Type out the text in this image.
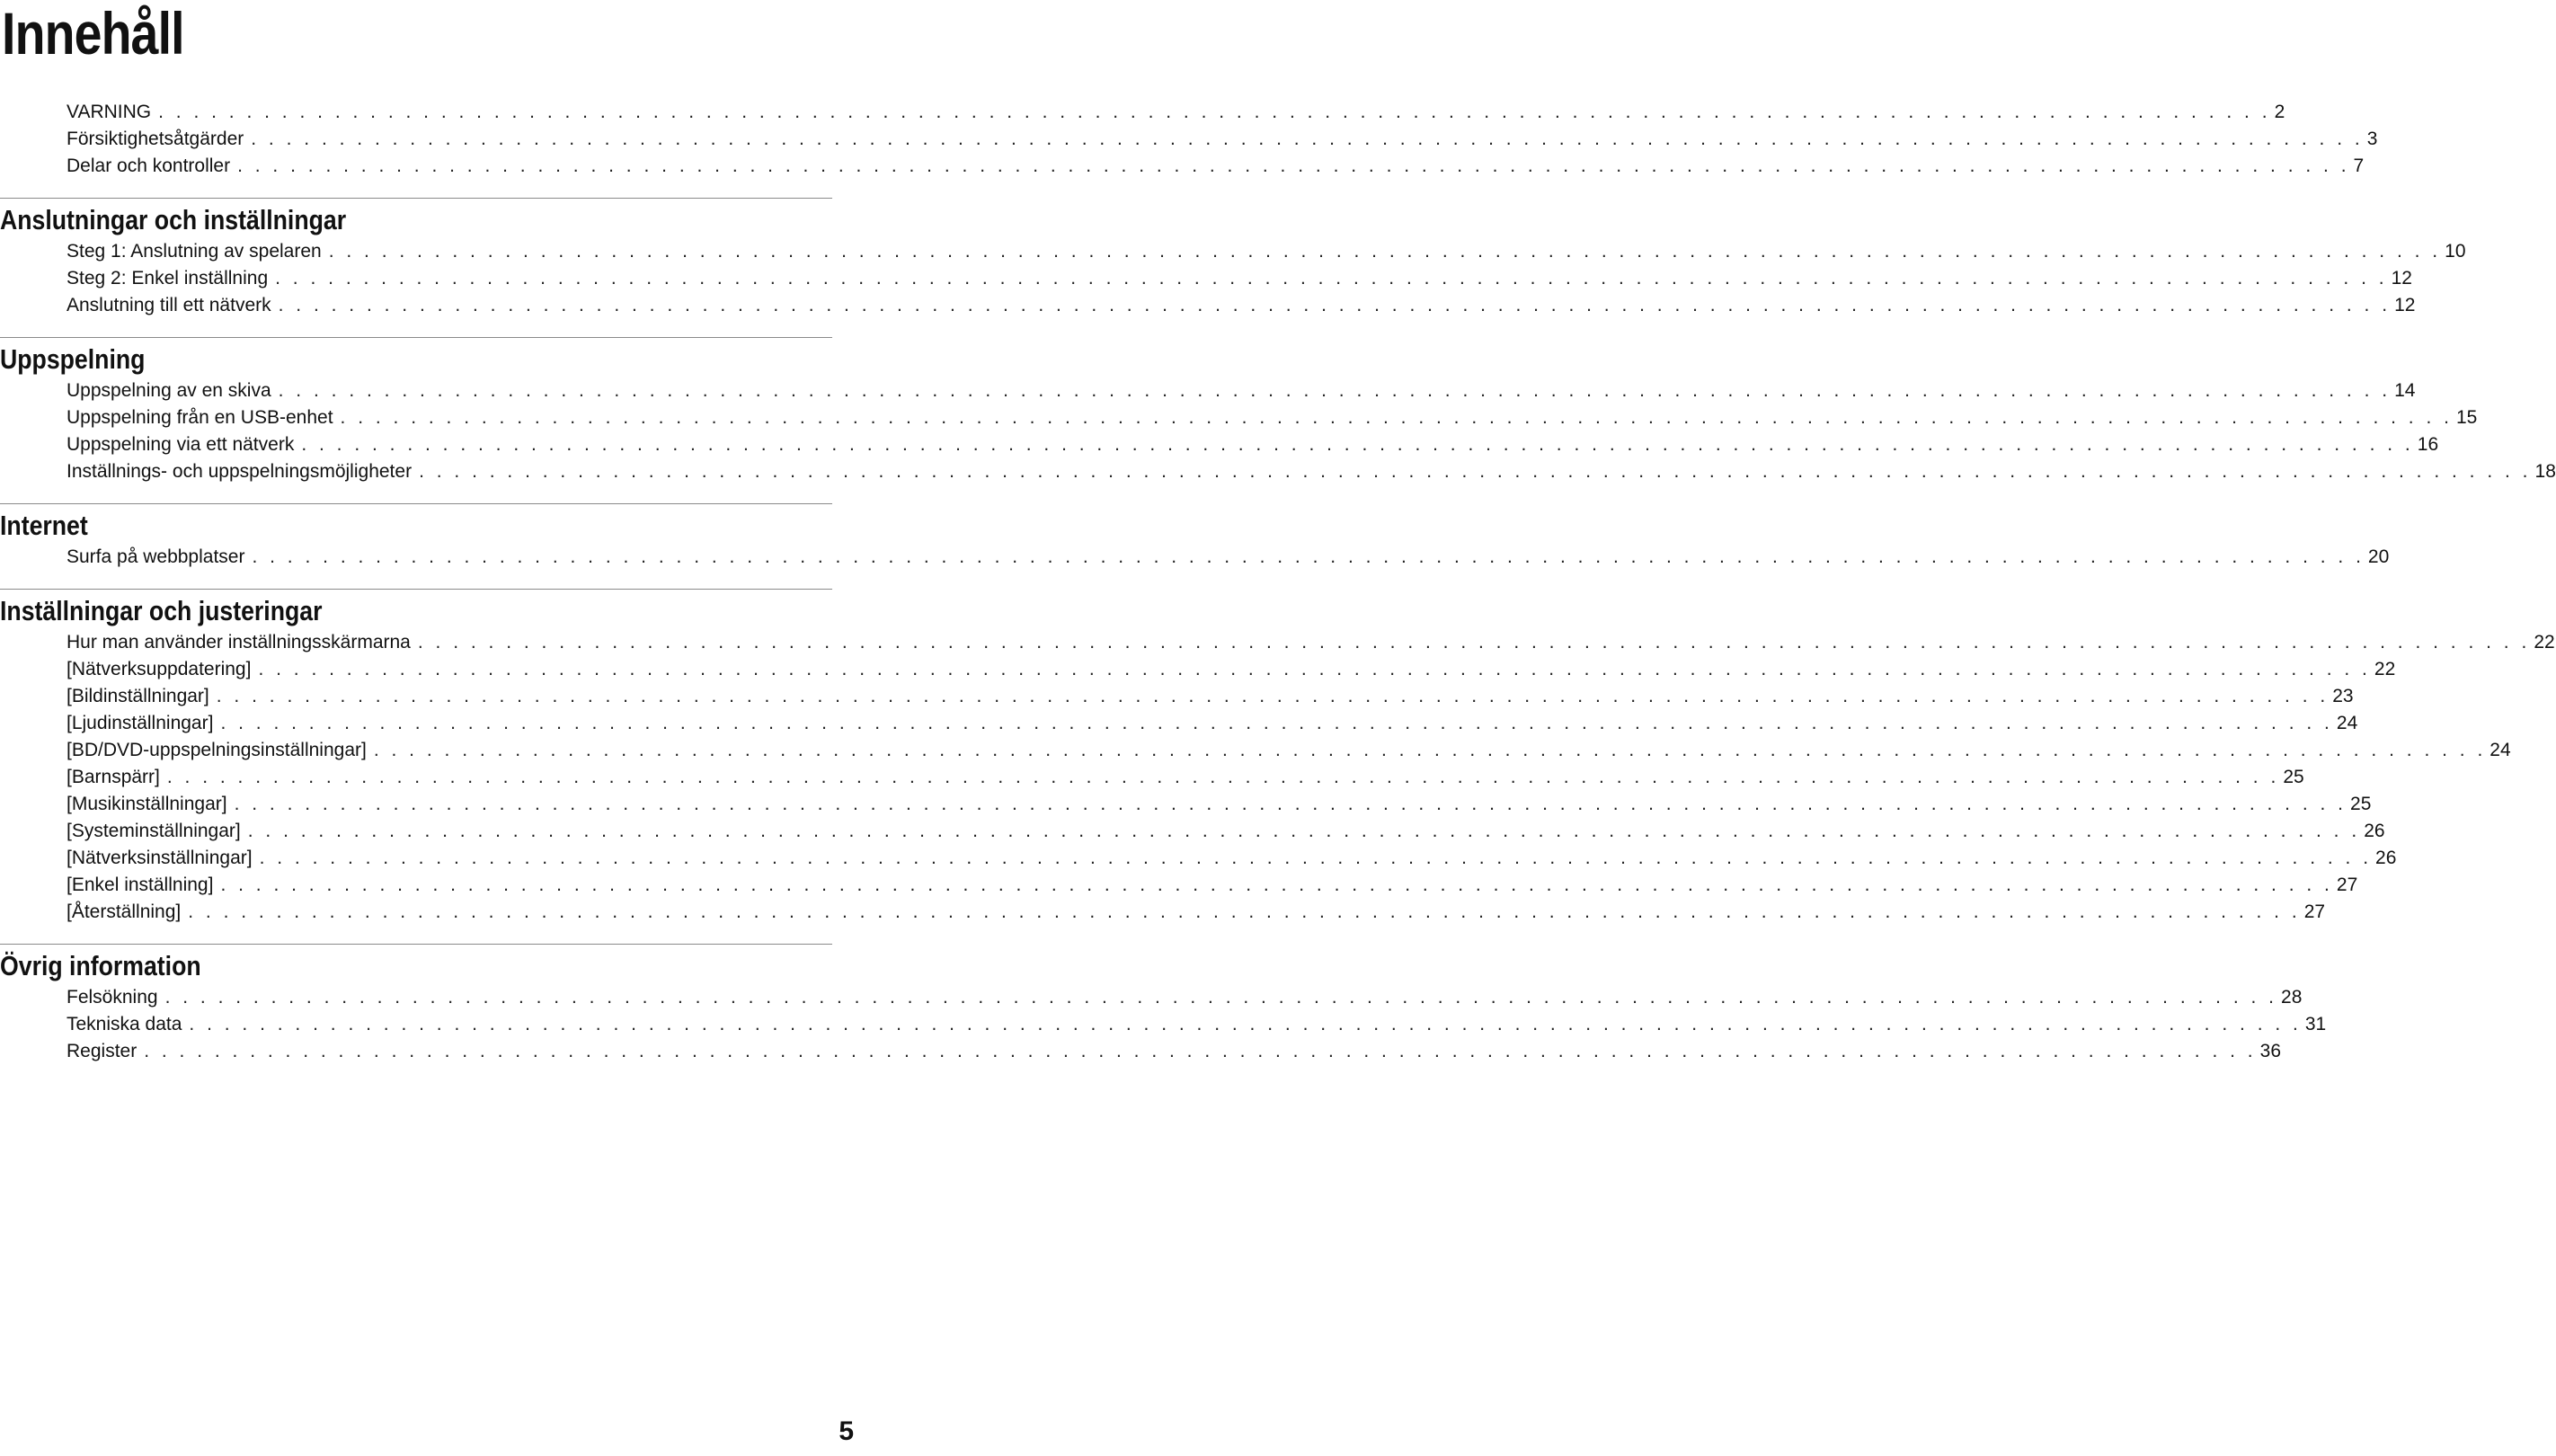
Innehåll
VARNING . . . . . . . . . . . . . . . . . . . . . . . . . . . . . . . . . . . . . . . . . . . . . . . . . . . . . . . . . . . . . . . . . . . . . . . . . . . . . . . . . . . . . . . . . . . . . . . . . . . . . . . . . . . . . . . . . . . . . . . . 2
Försiktighetsåtgärder . . . . . . . . . . . . . . . . . . . . . . . . . . . . . . . . . . . . . . . . . . . . . . . . . . . . . . . . . . . . . . . . . . . . . . . . . . . . . . . . . . . . . . . . . . . . . . . . . . . . . . . . . . . . . . . . . . . . . . . . 3
Delar och kontroller . . . . . . . . . . . . . . . . . . . . . . . . . . . . . . . . . . . . . . . . . . . . . . . . . . . . . . . . . . . . . . . . . . . . . . . . . . . . . . . . . . . . . . . . . . . . . . . . . . . . . . . . . . . . . . . . . . . . . . . . 7
Anslutningar och inställningar
Steg 1: Anslutning av spelaren . . . . . . . . . . . . . . . . . . . . . . . . . . . . . . . . . . . . . . . . . . . . . . . . . . . . . . . . . . . . . . . . . . . . . . . . . . . . . . . . . . . . . . . . . . . . . . . . . . . . . . . . . . . . . . . . . . . . . . . . 10
Steg 2: Enkel inställning . . . . . . . . . . . . . . . . . . . . . . . . . . . . . . . . . . . . . . . . . . . . . . . . . . . . . . . . . . . . . . . . . . . . . . . . . . . . . . . . . . . . . . . . . . . . . . . . . . . . . . . . . . . . . . . . . . . . . . . . 12
Anslutning till ett nätverk . . . . . . . . . . . . . . . . . . . . . . . . . . . . . . . . . . . . . . . . . . . . . . . . . . . . . . . . . . . . . . . . . . . . . . . . . . . . . . . . . . . . . . . . . . . . . . . . . . . . . . . . . . . . . . . . . . . . . . . . 12
Uppspelning
Uppspelning av en skiva . . . . . . . . . . . . . . . . . . . . . . . . . . . . . . . . . . . . . . . . . . . . . . . . . . . . . . . . . . . . . . . . . . . . . . . . . . . . . . . . . . . . . . . . . . . . . . . . . . . . . . . . . . . . . . . . . . . . . . . . 14
Uppspelning från en USB-enhet . . . . . . . . . . . . . . . . . . . . . . . . . . . . . . . . . . . . . . . . . . . . . . . . . . . . . . . . . . . . . . . . . . . . . . . . . . . . . . . . . . . . . . . . . . . . . . . . . . . . . . . . . . . . . . . . . . . . . . . . 15
Uppspelning via ett nätverk . . . . . . . . . . . . . . . . . . . . . . . . . . . . . . . . . . . . . . . . . . . . . . . . . . . . . . . . . . . . . . . . . . . . . . . . . . . . . . . . . . . . . . . . . . . . . . . . . . . . . . . . . . . . . . . . . . . . . . . . 16
Inställnings- och uppspelningsmöjligheter . . . . . . . . . . . . . . . . . . . . . . . . . . . . . . . . . . . . . . . . . . . . . . . . . . . . . . . . . . . . . . . . . . . . . . . . . . . . . . . . . . . . . . . . . . . . . . . . . . . . . . . . . . . . . . . . . . . . . . . . 18
Internet
Surfa på webbplatser . . . . . . . . . . . . . . . . . . . . . . . . . . . . . . . . . . . . . . . . . . . . . . . . . . . . . . . . . . . . . . . . . . . . . . . . . . . . . . . . . . . . . . . . . . . . . . . . . . . . . . . . . . . . . . . . . . . . . . . . 20
Inställningar och justeringar
Hur man använder inställningsskärmarna . . . . . . . . . . . . . . . . . . . . . . . . . . . . . . . . . . . . . . . . . . . . . . . . . . . . . . . . . . . . . . . . . . . . . . . . . . . . . . . . . . . . . . . . . . . . . . . . . . . . . . . . . . . . . . . . . . . . . . . . 22
[Nätverksuppdatering] . . . . . . . . . . . . . . . . . . . . . . . . . . . . . . . . . . . . . . . . . . . . . . . . . . . . . . . . . . . . . . . . . . . . . . . . . . . . . . . . . . . . . . . . . . . . . . . . . . . . . . . . . . . . . . . . . . . . . . . . 22
[Bildinställningar] . . . . . . . . . . . . . . . . . . . . . . . . . . . . . . . . . . . . . . . . . . . . . . . . . . . . . . . . . . . . . . . . . . . . . . . . . . . . . . . . . . . . . . . . . . . . . . . . . . . . . . . . . . . . . . . . . . . . . . . . 23
[Ljudinställningar] . . . . . . . . . . . . . . . . . . . . . . . . . . . . . . . . . . . . . . . . . . . . . . . . . . . . . . . . . . . . . . . . . . . . . . . . . . . . . . . . . . . . . . . . . . . . . . . . . . . . . . . . . . . . . . . . . . . . . . . . 24
[BD/DVD-uppspelningsinställningar] . . . . . . . . . . . . . . . . . . . . . . . . . . . . . . . . . . . . . . . . . . . . . . . . . . . . . . . . . . . . . . . . . . . . . . . . . . . . . . . . . . . . . . . . . . . . . . . . . . . . . . . . . . . . . . . . . . . . . . . . 24
[Barnspärr] . . . . . . . . . . . . . . . . . . . . . . . . . . . . . . . . . . . . . . . . . . . . . . . . . . . . . . . . . . . . . . . . . . . . . . . . . . . . . . . . . . . . . . . . . . . . . . . . . . . . . . . . . . . . . . . . . . . . . . . . 25
[Musikinställningar] . . . . . . . . . . . . . . . . . . . . . . . . . . . . . . . . . . . . . . . . . . . . . . . . . . . . . . . . . . . . . . . . . . . . . . . . . . . . . . . . . . . . . . . . . . . . . . . . . . . . . . . . . . . . . . . . . . . . . . . . 25
[Systeminställningar] . . . . . . . . . . . . . . . . . . . . . . . . . . . . . . . . . . . . . . . . . . . . . . . . . . . . . . . . . . . . . . . . . . . . . . . . . . . . . . . . . . . . . . . . . . . . . . . . . . . . . . . . . . . . . . . . . . . . . . . . 26
[Nätverksinställningar] . . . . . . . . . . . . . . . . . . . . . . . . . . . . . . . . . . . . . . . . . . . . . . . . . . . . . . . . . . . . . . . . . . . . . . . . . . . . . . . . . . . . . . . . . . . . . . . . . . . . . . . . . . . . . . . . . . . . . . . . 26
[Enkel inställning] . . . . . . . . . . . . . . . . . . . . . . . . . . . . . . . . . . . . . . . . . . . . . . . . . . . . . . . . . . . . . . . . . . . . . . . . . . . . . . . . . . . . . . . . . . . . . . . . . . . . . . . . . . . . . . . . . . . . . . . . 27
[Återställning] . . . . . . . . . . . . . . . . . . . . . . . . . . . . . . . . . . . . . . . . . . . . . . . . . . . . . . . . . . . . . . . . . . . . . . . . . . . . . . . . . . . . . . . . . . . . . . . . . . . . . . . . . . . . . . . . . . . . . . . . 27
Övrig information
Felsökning . . . . . . . . . . . . . . . . . . . . . . . . . . . . . . . . . . . . . . . . . . . . . . . . . . . . . . . . . . . . . . . . . . . . . . . . . . . . . . . . . . . . . . . . . . . . . . . . . . . . . . . . . . . . . . . . . . . . . . . . 28
Tekniska data . . . . . . . . . . . . . . . . . . . . . . . . . . . . . . . . . . . . . . . . . . . . . . . . . . . . . . . . . . . . . . . . . . . . . . . . . . . . . . . . . . . . . . . . . . . . . . . . . . . . . . . . . . . . . . . . . . . . . . . . 31
Register . . . . . . . . . . . . . . . . . . . . . . . . . . . . . . . . . . . . . . . . . . . . . . . . . . . . . . . . . . . . . . . . . . . . . . . . . . . . . . . . . . . . . . . . . . . . . . . . . . . . . . . . . . . . . . . . . . . . . . . . 36
5
